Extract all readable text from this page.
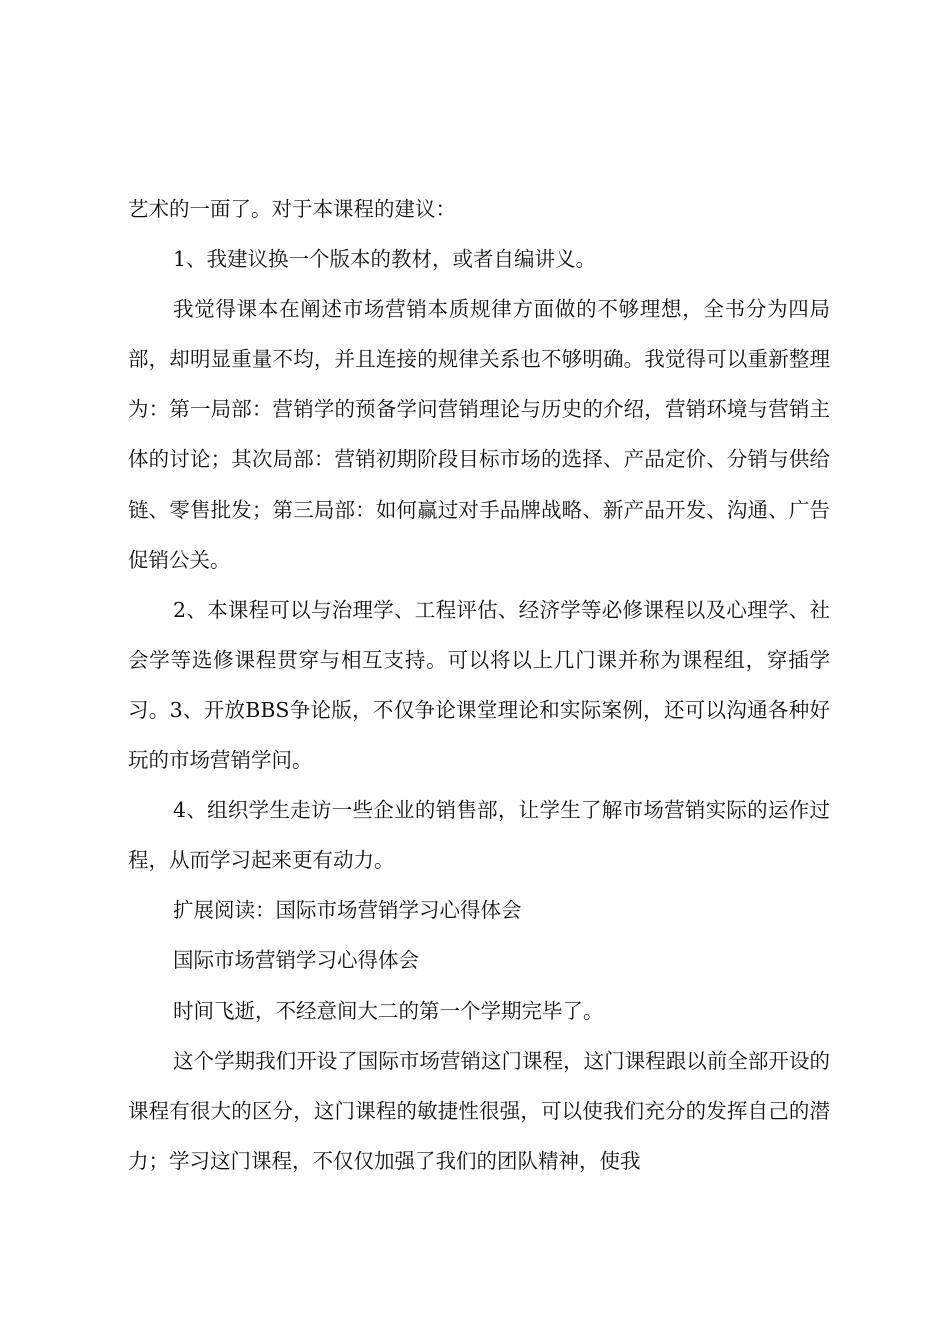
艺术的一面了。对于本课程的建议：

1、我建议换一个版本的教材，或者自编讲义。

我觉得课本在阐述市场营销本质规律方面做的不够理想，全书分为四局部，却明显重量不均，并且连接的规律关系也不够明确。我觉得可以重新整理为：第一局部：营销学的预备学问营销理论与历史的介绍，营销环境与营销主体的讨论；其次局部：营销初期阶段目标市场的选择、产品定价、分销与供给链、零售批发；第三局部：如何赢过对手品牌战略、新产品开发、沟通、广告促销公关。

2、本课程可以与治理学、工程评估、经济学等必修课程以及心理学、社会学等选修课程贯穿与相互支持。可以将以上几门课并称为课程组，穿插学习。3、开放BBS争论版，不仅争论课堂理论和实际案例，还可以沟通各种好玩的市场营销学问。

4、组织学生走访一些企业的销售部，让学生了解市场营销实际的运作过程，从而学习起来更有动力。

扩展阅读：国际市场营销学习心得体会

国际市场营销学习心得体会

时间飞逝，不经意间大二的第一个学期完毕了。

这个学期我们开设了国际市场营销这门课程，这门课程跟以前全部开设的课程有很大的区分，这门课程的敏捷性很强，可以使我们充分的发挥自己的潜力；学习这门课程，不仅仅加强了我们的团队精神，使我
